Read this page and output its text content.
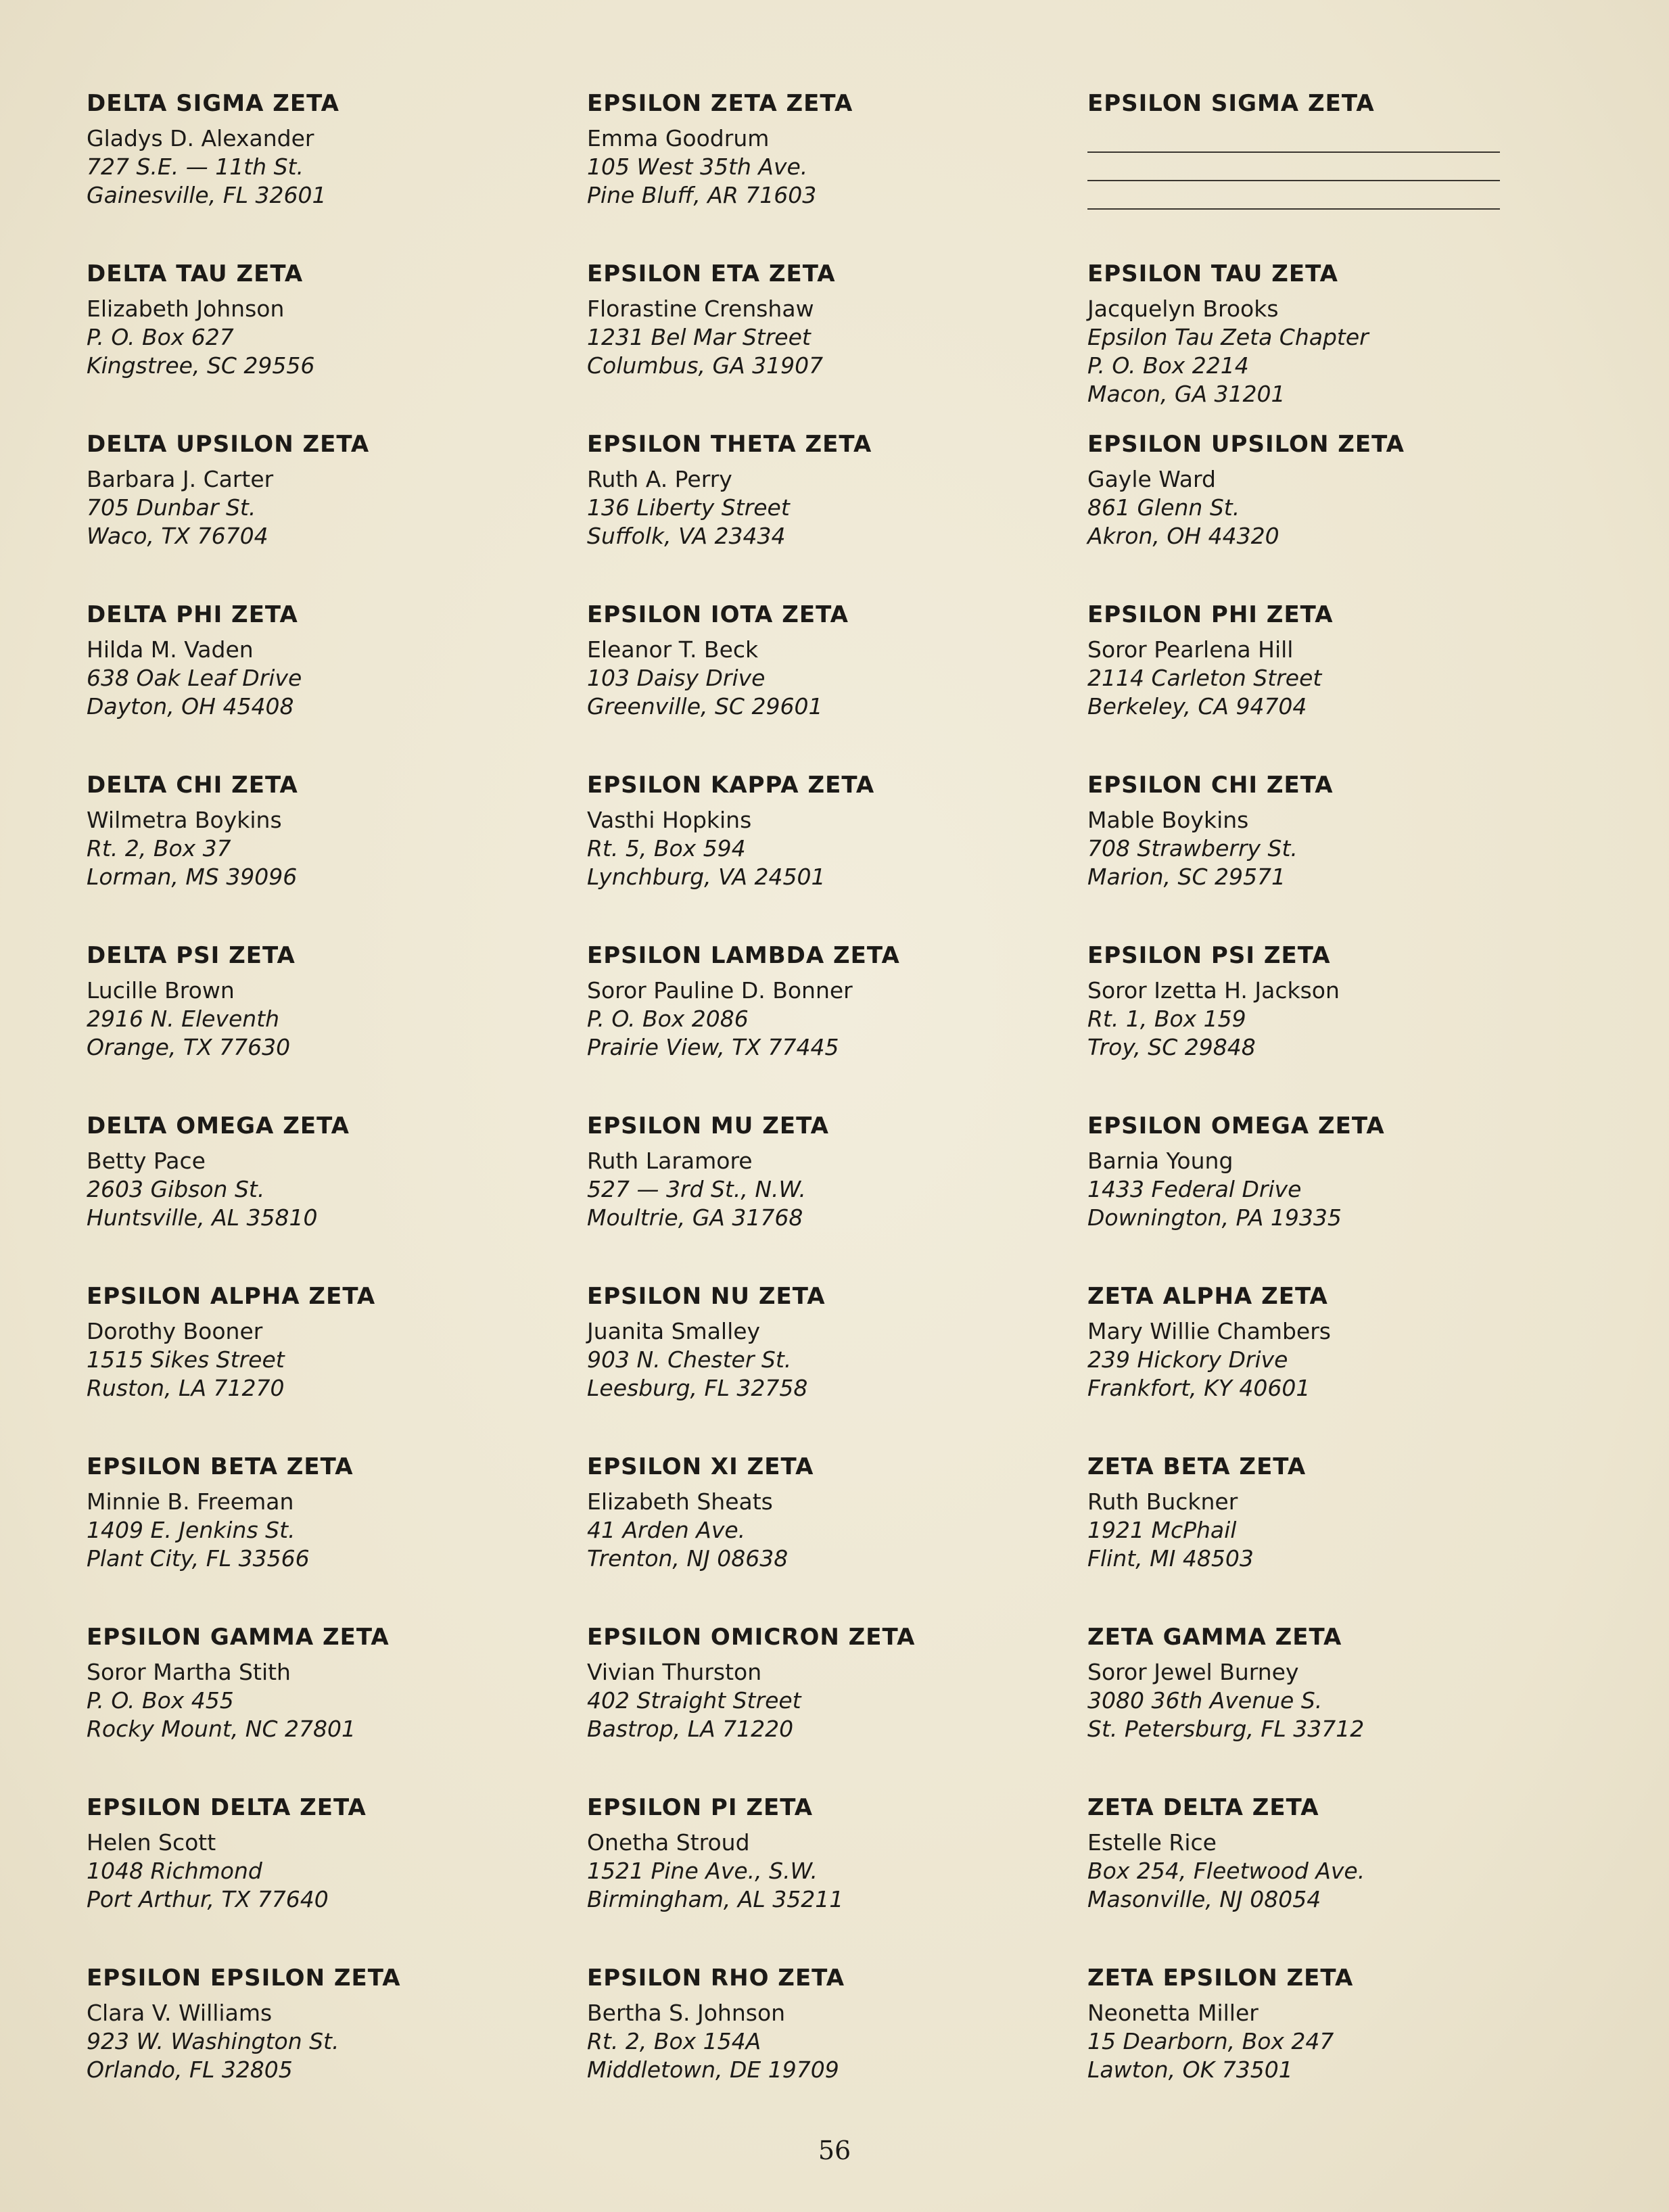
DELTA SIGMA ZETA
Gladys D. Alexander
727 S.E. — 11th St.
Gainesville, FL 32601
DELTA TAU ZETA
Elizabeth Johnson
P. O. Box 627
Kingstree, SC 29556
DELTA UPSILON ZETA
Barbara J. Carter
705 Dunbar St.
Waco, TX 76704
DELTA PHI ZETA
Hilda M. Vaden
638 Oak Leaf Drive
Dayton, OH 45408
DELTA CHI ZETA
Wilmetra Boykins
Rt. 2, Box 37
Lorman, MS 39096
DELTA PSI ZETA
Lucille Brown
2916 N. Eleventh
Orange, TX 77630
DELTA OMEGA ZETA
Betty Pace
2603 Gibson St.
Huntsville, AL 35810
EPSILON ALPHA ZETA
Dorothy Booner
1515 Sikes Street
Ruston, LA 71270
EPSILON BETA ZETA
Minnie B. Freeman
1409 E. Jenkins St.
Plant City, FL 33566
EPSILON GAMMA ZETA
Soror Martha Stith
P. O. Box 455
Rocky Mount, NC 27801
EPSILON DELTA ZETA
Helen Scott
1048 Richmond
Port Arthur, TX 77640
EPSILON EPSILON ZETA
Clara V. Williams
923 W. Washington St.
Orlando, FL 32805
EPSILON ZETA ZETA
Emma Goodrum
105 West 35th Ave.
Pine Bluff, AR 71603
EPSILON ETA ZETA
Florastine Crenshaw
1231 Bel Mar Street
Columbus, GA 31907
EPSILON THETA ZETA
Ruth A. Perry
136 Liberty Street
Suffolk, VA 23434
EPSILON IOTA ZETA
Eleanor T. Beck
103 Daisy Drive
Greenville, SC 29601
EPSILON KAPPA ZETA
Vasthi Hopkins
Rt. 5, Box 594
Lynchburg, VA 24501
EPSILON LAMBDA ZETA
Soror Pauline D. Bonner
P. O. Box 2086
Prairie View, TX 77445
EPSILON MU ZETA
Ruth Laramore
527 — 3rd St., N.W.
Moultrie, GA 31768
EPSILON NU ZETA
Juanita Smalley
903 N. Chester St.
Leesburg, FL 32758
EPSILON XI ZETA
Elizabeth Sheats
41 Arden Ave.
Trenton, NJ 08638
EPSILON OMICRON ZETA
Vivian Thurston
402 Straight Street
Bastrop, LA 71220
EPSILON PI ZETA
Onetha Stroud
1521 Pine Ave., S.W.
Birmingham, AL 35211
EPSILON RHO ZETA
Bertha S. Johnson
Rt. 2, Box 154A
Middletown, DE 19709
EPSILON SIGMA ZETA
EPSILON TAU ZETA
Jacquelyn Brooks
Epsilon Tau Zeta Chapter
P. O. Box 2214
Macon, GA 31201
EPSILON UPSILON ZETA
Gayle Ward
861 Glenn St.
Akron, OH 44320
EPSILON PHI ZETA
Soror Pearlena Hill
2114 Carleton Street
Berkeley, CA 94704
EPSILON CHI ZETA
Mable Boykins
708 Strawberry St.
Marion, SC 29571
EPSILON PSI ZETA
Soror Izetta H. Jackson
Rt. 1, Box 159
Troy, SC 29848
EPSILON OMEGA ZETA
Barnia Young
1433 Federal Drive
Downington, PA 19335
ZETA ALPHA ZETA
Mary Willie Chambers
239 Hickory Drive
Frankfort, KY 40601
ZETA BETA ZETA
Ruth Buckner
1921 McPhail
Flint, MI 48503
ZETA GAMMA ZETA
Soror Jewel Burney
3080 36th Avenue S.
St. Petersburg, FL 33712
ZETA DELTA ZETA
Estelle Rice
Box 254, Fleetwood Ave.
Masonville, NJ 08054
ZETA EPSILON ZETA
Neonetta Miller
15 Dearborn, Box 247
Lawton, OK 73501
56
